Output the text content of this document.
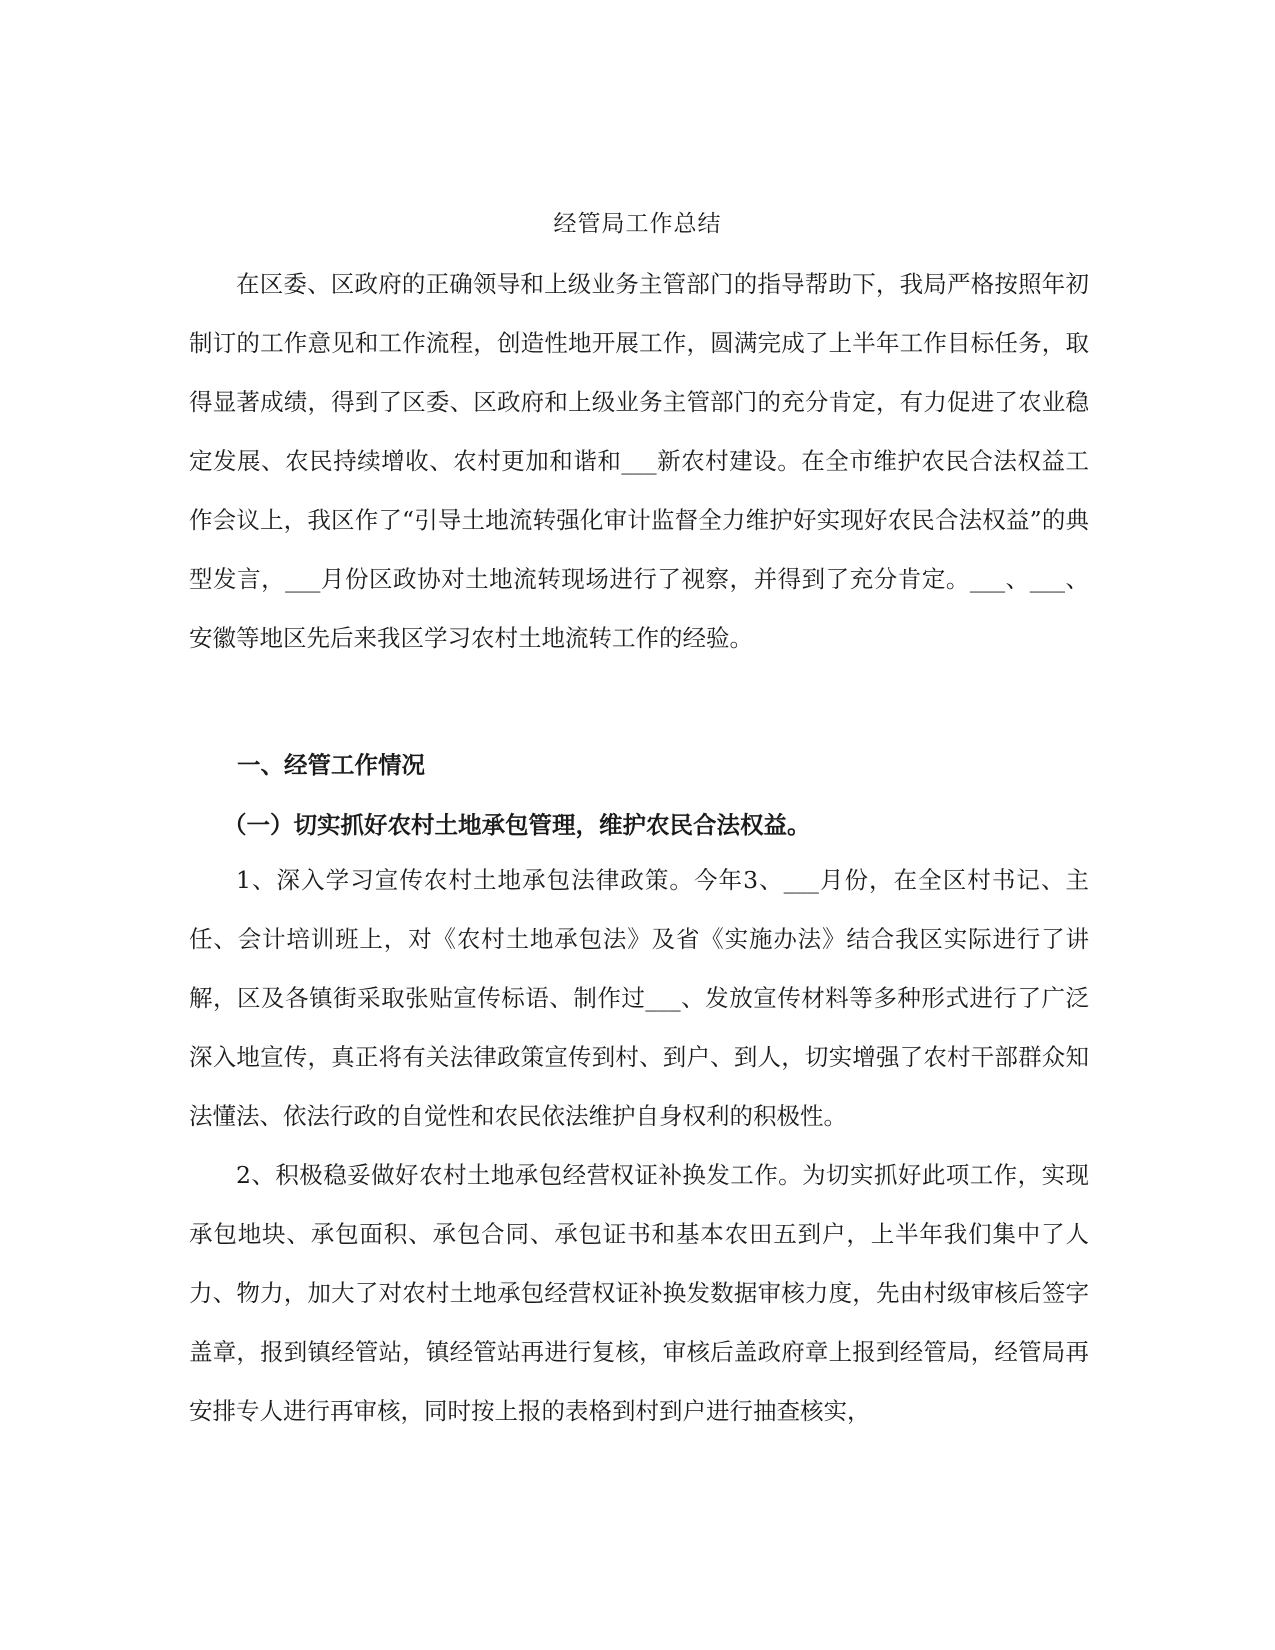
经管局工作总结

在区委、区政府的正确领导和上级业务主管部门的指导帮助下，我局严格按照年初制订的工作意见和工作流程，创造性地开展工作，圆满完成了上半年工作目标任务，取得显著成绩，得到了区委、区政府和上级业务主管部门的充分肯定，有力促进了农业稳定发展、农民持续增收、农村更加和谐和___新农村建设。在全市维护农民合法权益工作会议上，我区作了“引导土地流转强化审计监督全力维护好实现好农民合法权益”的典型发言，___月份区政协对土地流转现场进行了视察，并得到了充分肯定。___、___、安徽等地区先后来我区学习农村土地流转工作的经验。

一、经管工作情况
（一）切实抓好农村土地承包管理，维护农民合法权益。

1、深入学习宣传农村土地承包法律政策。今年3、___月份，在全区村书记、主任、会计培训班上，对《农村土地承包法》及省《实施办法》结合我区实际进行了讲解，区及各镇街采取张贴宣传标语、制作过___、发放宣传材料等多种形式进行了广泛深入地宣传，真正将有关法律政策宣传到村、到户、到人，切实增强了农村干部群众知法懂法、依法行政的自觉性和农民依法维护自身权利的积极性。

2、积极稳妥做好农村土地承包经营权证补换发工作。为切实抓好此项工作，实现承包地块、承包面积、承包合同、承包证书和基本农田五到户，上半年我们集中了人力、物力，加大了对农村土地承包经营权证补换发数据审核力度，先由村级审核后签字盖章，报到镇经管站，镇经管站再进行复核，审核后盖政府章上报到经管局，经管局再安排专人进行再审核，同时按上报的表格到村到户进行抽查核实，
